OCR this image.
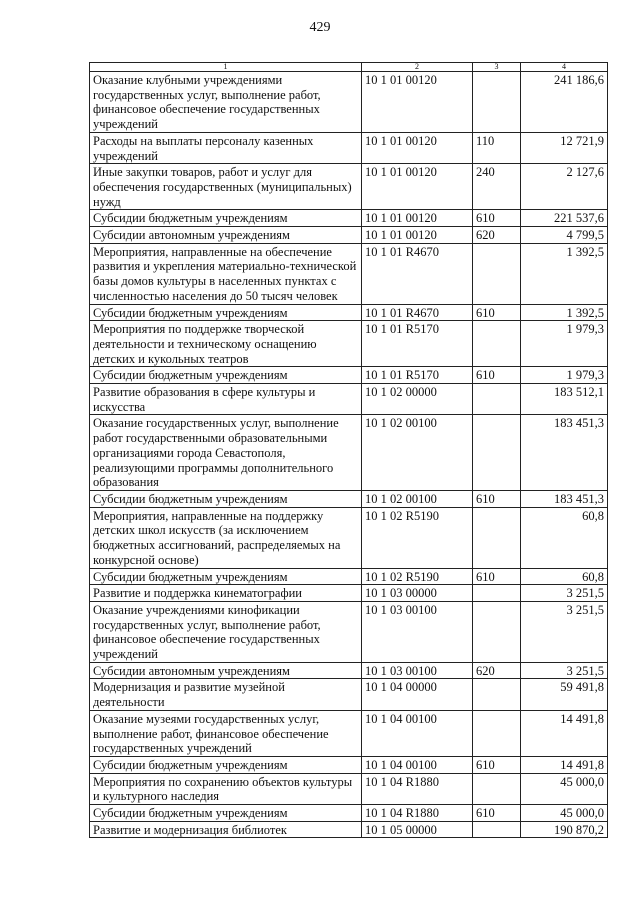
429
1	2	3	4
Оказание клубными учреждениями государственных услуг, выполнение работ, финансовое обеспечение государственных учреждений	10 1 01 00120		241 186,6
Расходы на выплаты персоналу казенных учреждений	10 1 01 00120	110	12 721,9
Иные закупки товаров, работ и услуг для обеспечения государственных (муниципальных) нужд	10 1 01 00120	240	2 127,6
Субсидии бюджетным учреждениям	10 1 01 00120	610	221 537,6
Субсидии автономным учреждениям	10 1 01 00120	620	4 799,5
Мероприятия, направленные на обеспечение развития и укрепления материально-технической базы домов культуры в населенных пунктах с численностью населения до 50 тысяч человек	10 1 01 R4670		1 392,5
Субсидии бюджетным учреждениям	10 1 01 R4670	610	1 392,5
Мероприятия по поддержке творческой деятельности и техническому оснащению детских и кукольных театров	10 1 01 R5170		1 979,3
Субсидии бюджетным учреждениям	10 1 01 R5170	610	1 979,3
Развитие образования в сфере культуры и искусства	10 1 02 00000		183 512,1
Оказание государственных услуг, выполнение работ государственными образовательными организациями города Севастополя, реализующими программы дополнительного образования	10 1 02 00100		183 451,3
Субсидии бюджетным учреждениям	10 1 02 00100	610	183 451,3
Мероприятия, направленные на поддержку детских школ искусств (за исключением бюджетных ассигнований, распределяемых на конкурсной основе)	10 1 02 R5190		60,8
Субсидии бюджетным учреждениям	10 1 02 R5190	610	60,8
Развитие и поддержка кинематографии	10 1 03 00000		3 251,5
Оказание учреждениями кинофикации государственных услуг, выполнение работ, финансовое обеспечение государственных учреждений	10 1 03 00100		3 251,5
Субсидии автономным учреждениям	10 1 03 00100	620	3 251,5
Модернизация и развитие музейной деятельности	10 1 04 00000		59 491,8
Оказание музеями государственных услуг, выполнение работ, финансовое обеспечение государственных учреждений	10 1 04 00100		14 491,8
Субсидии бюджетным учреждениям	10 1 04 00100	610	14 491,8
Мероприятия по сохранению объектов культуры и культурного наследия	10 1 04 R1880		45 000,0
Субсидии бюджетным учреждениям	10 1 04 R1880	610	45 000,0
Развитие и модернизация библиотек	10 1 05 00000		190 870,2
